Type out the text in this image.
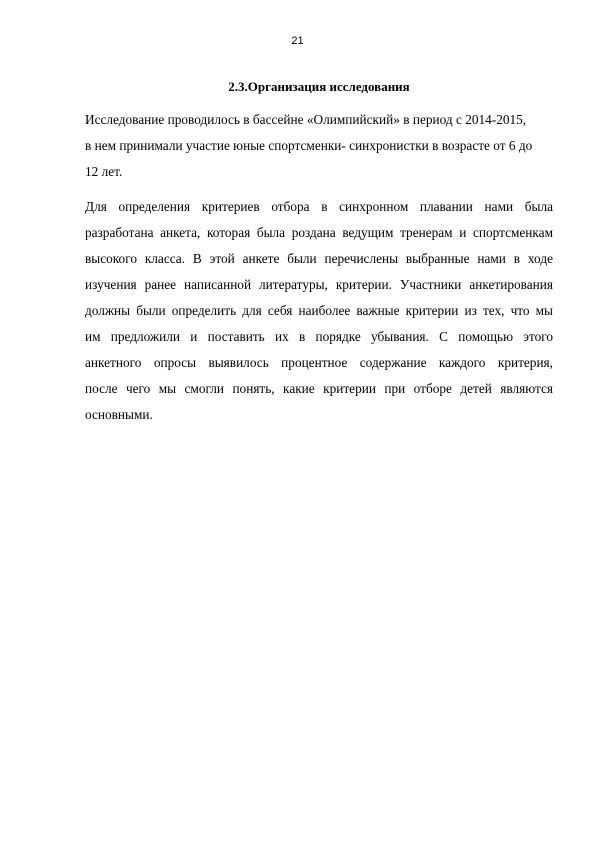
21
2.3.Организация исследования
Исследование проводилось в бассейне «Олимпийский» в период с 2014-2015,
в нем принимали участие юные спортсменки- синхронистки в возрасте от 6 до
12 лет.
Для определения критериев отбора в синхронном плавании нами была
разработана анкета, которая была роздана ведущим тренерам и спортсменкам
высокого класса. В этой анкете были перечислены выбранные нами в ходе
изучения ранее написанной литературы, критерии. Участники анкетирования
должны были определить для себя наиболее важные критерии из тех, что мы
им предложили и поставить их в порядке убывания. С помощью этого
анкетного опросы выявилось процентное содержание каждого критерия,
после чего мы смогли понять, какие критерии при отборе детей являются
основными.
